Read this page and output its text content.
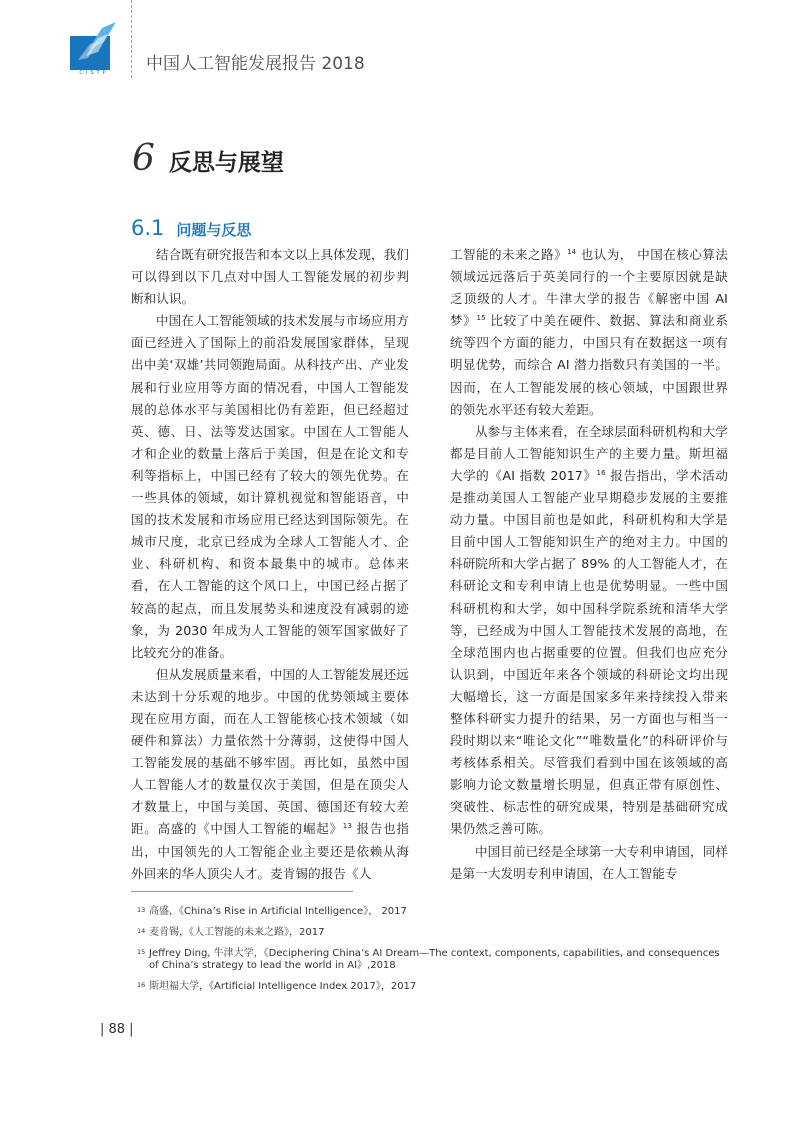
CISTP	中国人工智能发展报告 2018
6 反思与展望
6.1 问题与反思

结合既有研究报告和本文以上具体发现，我们可以得到以下几点对中国人工智能发展的初步判断和认识。

中国在人工智能领域的技术发展与市场应用方面已经进入了国际上的前沿发展国家群体，呈现出中美‘双雄’共同领跑局面。从科技产出、产业发展和行业应用等方面的情况看，中国人工智能发展的总体水平与美国相比仍有差距，但已经超过英、德、日、法等发达国家。中国在人工智能人才和企业的数量上落后于美国，但是在论文和专利等指标上，中国已经有了较大的领先优势。在一些具体的领域，如计算机视觉和智能语音，中国的技术发展和市场应用已经达到国际领先。在城市尺度，北京已经成为全球人工智能人才、企业、科研机构、和资本最集中的城市。总体来看，在人工智能的这个风口上，中国已经占据了较高的起点，而且发展势头和速度没有减弱的迹象，为 2030 年成为人工智能的领军国家做好了比较充分的准备。

但从发展质量来看，中国的人工智能发展还远未达到十分乐观的地步。中国的优势领域主要体现在应用方面，而在人工智能核心技术领域（如硬件和算法）力量依然十分薄弱，这使得中国人工智能发展的基础不够牢固。再比如，虽然中国人工智能人才的数量仅次于美国，但是在顶尖人才数量上，中国与美国、英国、德国还有较大差距。高盛的《中国人工智能的崛起》$^{13}$ 报告也指出，中国领先的人工智能企业主要还是依赖从海外回来的华人顶尖人才。麦肯锡的报告《人

工智能的未来之路》$^{14}$ 也认为， 中国在核心算法领域远远落后于英美同行的一个主要原因就是缺乏顶级的人才。牛津大学的报告《解密中国 AI 梦》$^{15}$ 比较了中美在硬件、数据、算法和商业系统等四个方面的能力，中国只有在数据这一项有明显优势，而综合 AI 潜力指数只有美国的一半。因而，在人工智能发展的核心领域，中国跟世界的领先水平还有较大差距。

从参与主体来看，在全球层面科研机构和大学都是目前人工智能知识生产的主要力量。斯坦福大学的《AI 指数 2017》$^{16}$ 报告指出，学术活动是推动美国人工智能产业早期稳步发展的主要推动力量。中国目前也是如此，科研机构和大学是目前中国人工智能知识生产的绝对主力。中国的科研院所和大学占据了 89% 的人工智能人才，在科研论文和专利申请上也是优势明显。一些中国科研机构和大学，如中国科学院系统和清华大学等，已经成为中国人工智能技术发展的高地，在全球范围内也占据重要的位置。但我们也应充分认识到，中国近年来各个领域的科研论文均出现大幅增长，这一方面是国家多年来持续投入带来整体科研实力提升的结果，另一方面也与相当一段时期以来“唯论文化”“唯数量化”的科研评价与考核体系相关。尽管我们看到中国在该领域的高影响力论文数量增长明显，但真正带有原创性、突破性、标志性的研究成果，特别是基础研究成果仍然乏善可陈。

中国目前已经是全球第一大专利申请国，同样是第一大发明专利申请国，在人工智能专

13 高盛，《China’s Rise in Artificial Intelligence》， 2017
14 麦肯锡，《人工智能的未来之路》，2017
15 Jeffrey Ding, 牛津大学，《Deciphering China’s AI Dream—The context, components, capabilities, and consequences of China’s strategy to lead the world in AI》,2018
16 斯坦福大学，《Artificial Intelligence Index 2017》，2017
| 88 |
